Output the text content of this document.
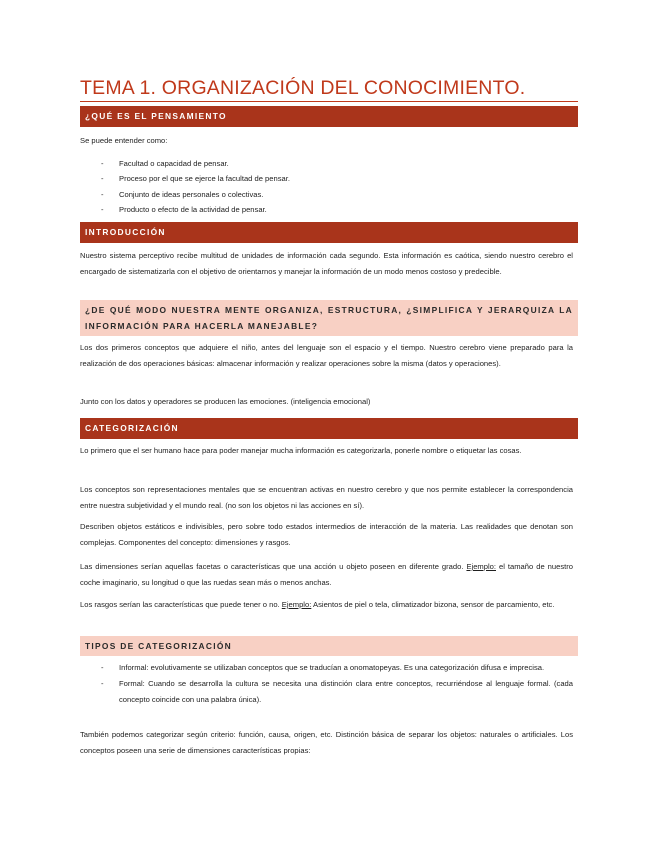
TEMA 1. ORGANIZACIÓN DEL CONOCIMIENTO.
¿QUÉ ES EL PENSAMIENTO

Se puede entender como:

- Facultad o capacidad de pensar.
- Proceso por el que se ejerce la facultad de pensar.
- Conjunto de ideas personales o colectivas.
- Producto o efecto de la actividad de pensar.
INTRODUCCIÓN

Nuestro sistema perceptivo recibe multitud de unidades de información cada segundo. Esta información es caótica, siendo nuestro cerebro el encargado de sistematizarla con el objetivo de orientarnos y manejar la información de un modo menos costoso y predecible.

¿DE QUÉ MODO NUESTRA MENTE ORGANIZA, ESTRUCTURA, ¿SIMPLIFICA Y JERARQUIZA LA INFORMACIÓN PARA HACERLA MANEJABLE?

Los dos primeros conceptos que adquiere el niño, antes del lenguaje son el espacio y el tiempo. Nuestro cerebro viene preparado para la realización de dos operaciones básicas: almacenar información y realizar operaciones sobre la misma (datos y operaciones).

Junto con los datos y operadores se producen las emociones. (inteligencia emocional)

CATEGORIZACIÓN

Lo primero que el ser humano hace para poder manejar mucha información es categorizarla, ponerle nombre o etiquetar las cosas.

Los conceptos son representaciones mentales que se encuentran activas en nuestro cerebro y que nos permite establecer la correspondencia entre nuestra subjetividad y el mundo real. (no son los objetos ni las acciones en sí).

Describen objetos estáticos e indivisibles, pero sobre todo estados intermedios de interacción de la materia. Las realidades que denotan son complejas. Componentes del concepto: dimensiones y rasgos.

Las dimensiones serían aquellas facetas o características que una acción u objeto poseen en diferente grado. Ejemplo: el tamaño de nuestro coche imaginario, su longitud o que las ruedas sean más o menos anchas.

Los rasgos serían las características que puede tener o no. Ejemplo: Asientos de piel o tela, climatizador bizona, sensor de parcamiento, etc.

TIPOS DE CATEGORIZACIÓN
- Informal: evolutivamente se utilizaban conceptos que se traducían a onomatopeyas. Es una categorización difusa e imprecisa.
- Formal: Cuando se desarrolla la cultura se necesita una distinción clara entre conceptos, recurriéndose al lenguaje formal. (cada concepto coincide con una palabra única).

También podemos categorizar según criterio: función, causa, origen, etc. Distinción básica de separar los objetos: naturales o artificiales. Los conceptos poseen una serie de dimensiones características propias:
